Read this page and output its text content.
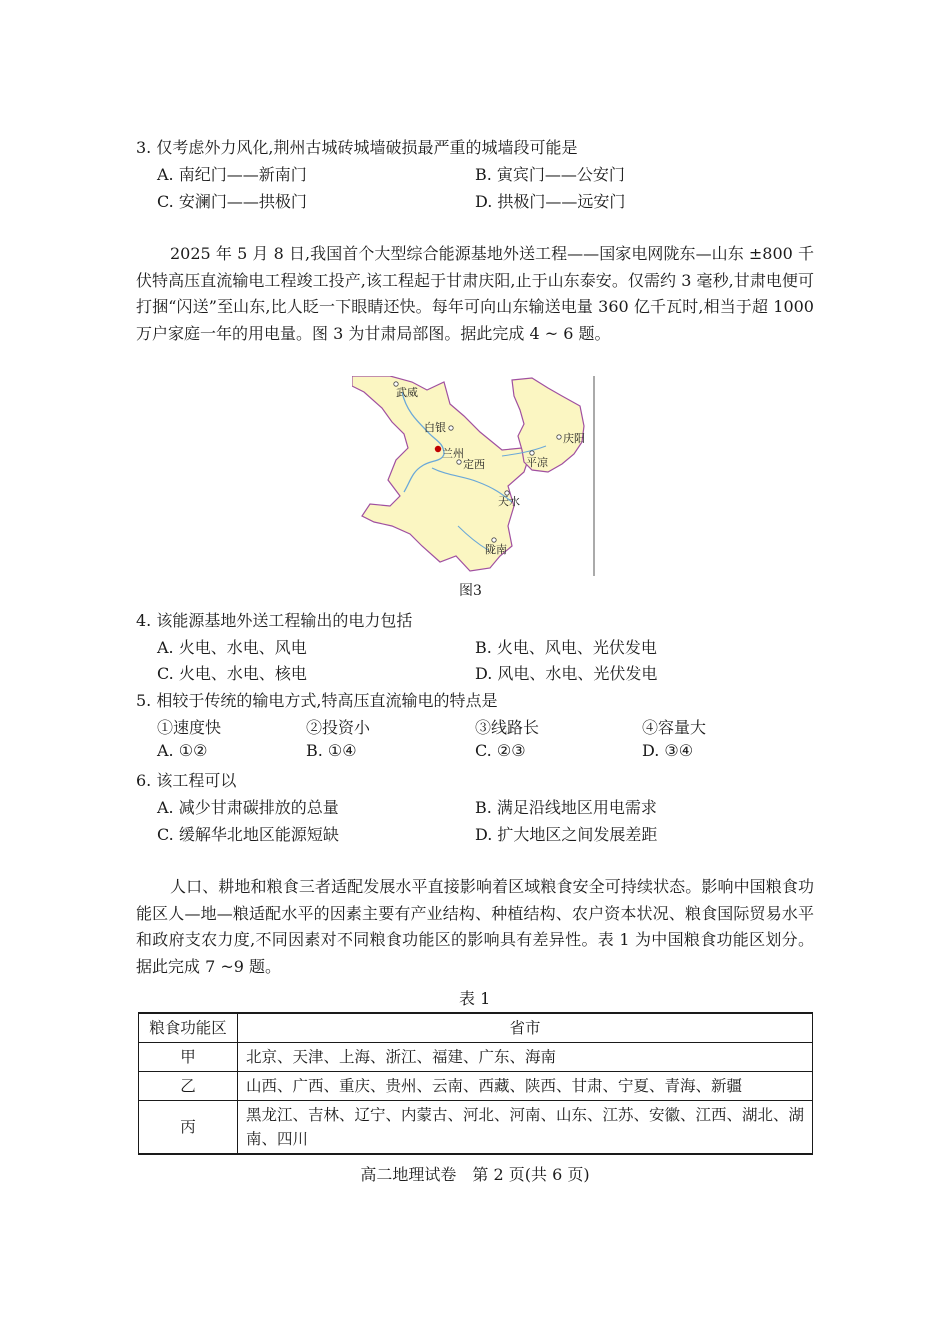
3. 仅考虑外力风化,荆州古城砖城墙破损最严重的城墙段可能是
A. 南纪门——新南门	B. 寅宾门——公安门
C. 安澜门——拱极门	D. 拱极门——远安门
2025 年 5 月 8 日,我国首个大型综合能源基地外送工程——国家电网陇东—山东 ±800 千伏特高压直流输电工程竣工投产,该工程起于甘肃庆阳,止于山东泰安。仅需约 3 毫秒,甘肃电便可打捆“闪送”至山东,比人眨一下眼睛还快。每年可向山东输送电量 360 亿千瓦时,相当于超 1000 万户家庭一年的用电量。图 3 为甘肃局部图。据此完成 4 ~ 6 题。
武威
白银
兰州
定西
庆阳
平凉
天水
陇南
图3
4. 该能源基地外送工程输出的电力包括
A. 火电、水电、风电	B. 火电、风电、光伏发电
C. 火电、水电、核电	D. 风电、水电、光伏发电
5. 相较于传统的输电方式,特高压直流输电的特点是
①速度快	②投资小	③线路长	④容量大
A. ①②	B. ①④	C. ②③	D. ③④
6. 该工程可以
A. 减少甘肃碳排放的总量	B. 满足沿线地区用电需求
C. 缓解华北地区能源短缺	D. 扩大地区之间发展差距
人口、耕地和粮食三者适配发展水平直接影响着区域粮食安全可持续状态。影响中国粮食功能区人—地—粮适配水平的因素主要有产业结构、种植结构、农户资本状况、粮食国际贸易水平和政府支农力度,不同因素对不同粮食功能区的影响具有差异性。表 1 为中国粮食功能区划分。据此完成 7 ~9 题。
表 1
粮食功能区	省市
甲	北京、天津、上海、浙江、福建、广东、海南
乙	山西、广西、重庆、贵州、云南、西藏、陕西、甘肃、宁夏、青海、新疆
丙	黑龙江、吉林、辽宁、内蒙古、河北、河南、山东、江苏、安徽、江西、湖北、湖南、四川
高二地理试卷　第 2 页(共 6 页)
